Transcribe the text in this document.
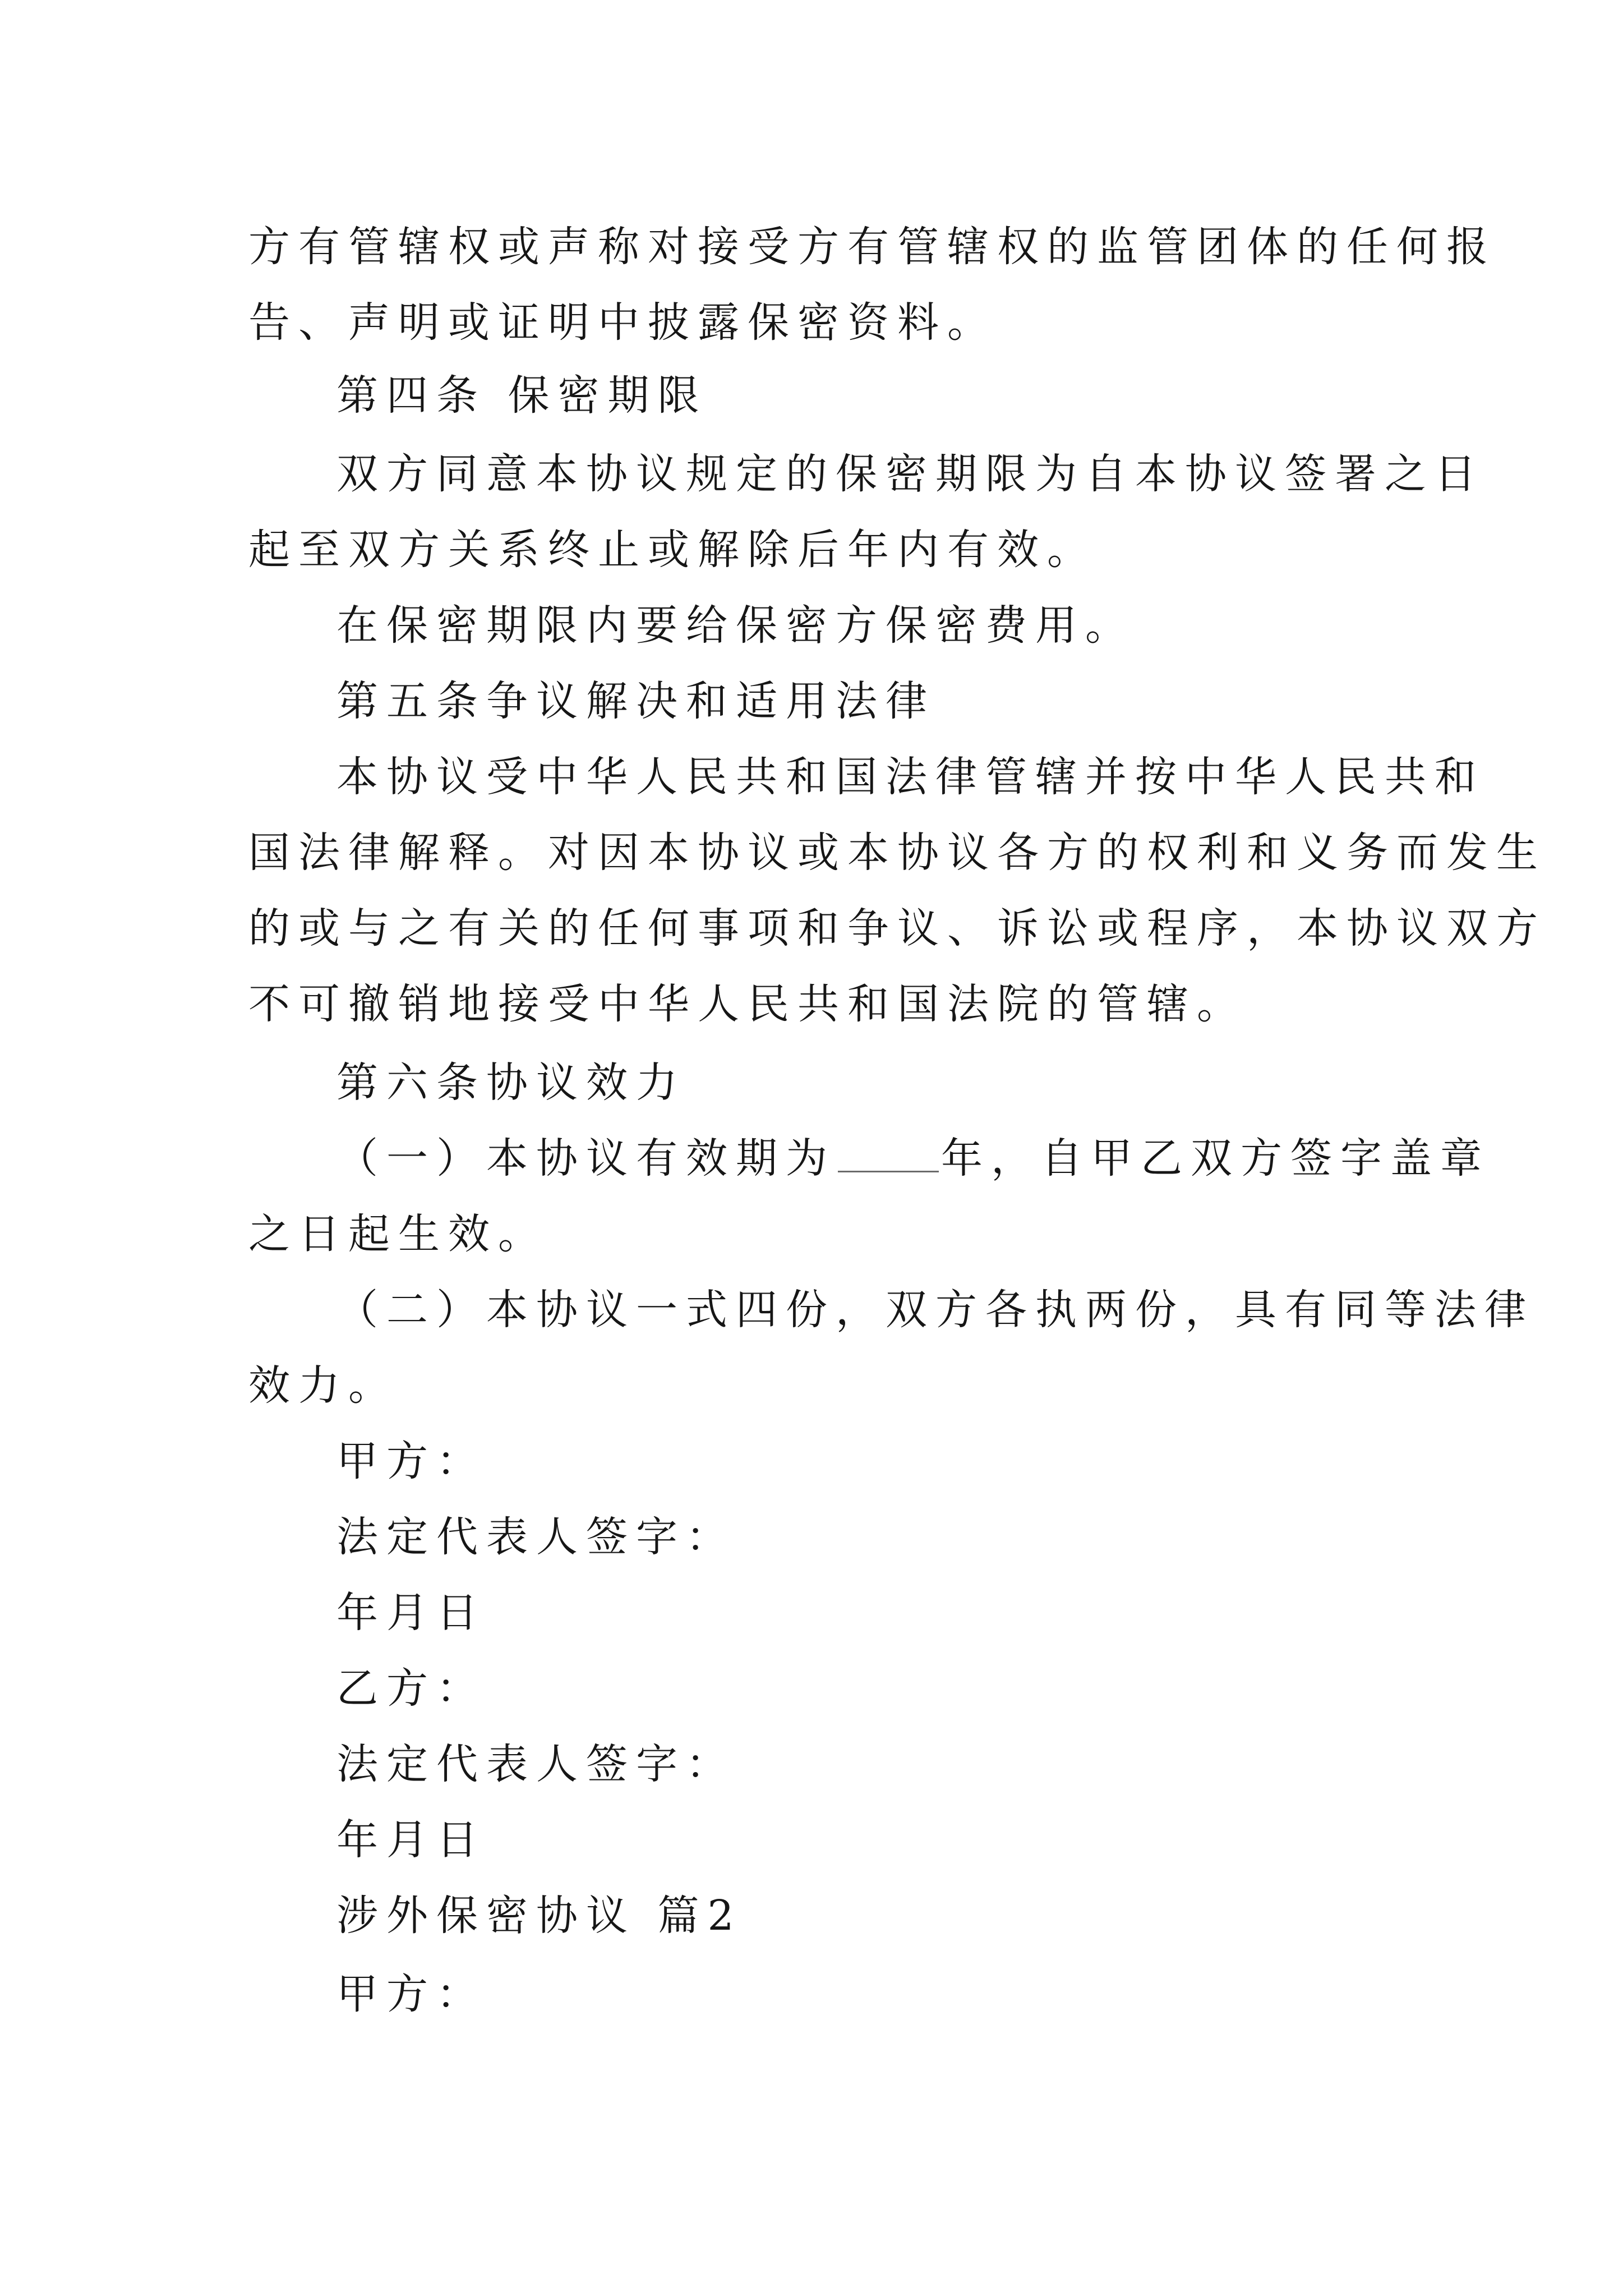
方有管辖权或声称对接受方有管辖权的监管团体的任何报

告、声明或证明中披露保密资料。

第四条 保密期限

双方同意本协议规定的保密期限为自本协议签署之日

起至双方关系终止或解除后年内有效。

在保密期限内要给保密方保密费用。

第五条争议解决和适用法律

本协议受中华人民共和国法律管辖并按中华人民共和

国法律解释。对因本协议或本协议各方的权利和义务而发生

的或与之有关的任何事项和争议、诉讼或程序，本协议双方

不可撤销地接受中华人民共和国法院的管辖。

第六条协议效力

（一）本协议有效期为	年，自甲乙双方签字盖章

之日起生效。

（二）本协议一式四份，双方各执两份，具有同等法律

效力。

甲方：

法定代表人签字：

年月日

乙方：

法定代表人签字：

年月日

涉外保密协议 篇2

甲方：
